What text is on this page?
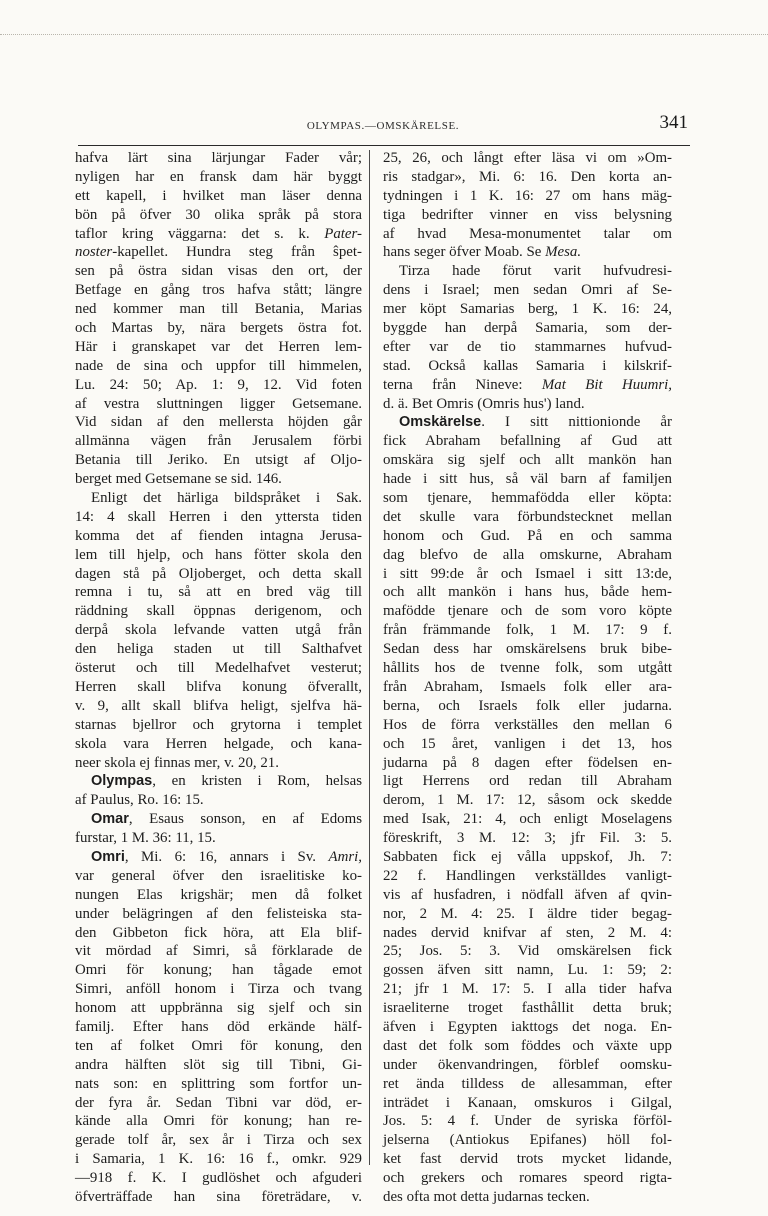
OLYMPAS.—OMSKÄRELSE.	341
hafva lärt sina lärjungar Fader vår;
nyligen har en fransk dam här byggt
ett kapell, i hvilket man läser denna
bön på öfver 30 olika språk på stora
taflor kring väggarna: det s. k. Pater-
noster-kapellet. Hundra steg från ŝpet-
sen på östra sidan visas den ort, der
Betfage en gång tros hafva stått; längre
ned kommer man till Betania, Marias
och Martas by, nära bergets östra fot.
Här i granskapet var det Herren lem-
nade de sina och uppfor till himmelen,
Lu. 24: 50; Ap. 1: 9, 12. Vid foten
af vestra sluttningen ligger Getsemane.
Vid sidan af den mellersta höjden går
allmänna vägen från Jerusalem förbi
Betania till Jeriko. En utsigt af Oljo-
berget med Getsemane se sid. 146.
Enligt det härliga bildspråket i Sak.
14: 4 skall Herren i den yttersta tiden
komma det af fienden intagna Jerusa-
lem till hjelp, och hans fötter skola den
dagen stå på Oljoberget, och detta skall
remna i tu, så att en bred väg till
räddning skall öppnas derigenom, och
derpå skola lefvande vatten utgå från
den heliga staden ut till Salthafvet
österut och till Medelhafvet vesterut;
Herren skall blifva konung öfverallt,
v. 9, allt skall blifva heligt, sjelfva hä-
starnas bjellror och grytorna i templet
skola vara Herren helgade, och kana-
neer skola ej finnas mer, v. 20, 21.
Olympas, en kristen i Rom, helsas
af Paulus, Ro. 16: 15.
Omar, Esaus sonson, en af Edoms
furstar, 1 M. 36: 11, 15.
Omri, Mi. 6: 16, annars i Sv. Amri,
var general öfver den israelitiske ko-
nungen Elas krigshär; men då folket
under belägringen af den felisteiska sta-
den Gibbeton fick höra, att Ela blif-
vit mördad af Simri, så förklarade de
Omri för konung; han tågade emot
Simri, anföll honom i Tirza och tvang
honom att uppbränna sig sjelf och sin
familj. Efter hans död erkände hälf-
ten af folket Omri för konung, den
andra hälften slöt sig till Tibni, Gi-
nats son: en splittring som fortfor un-
der fyra år. Sedan Tibni var död, er-
kände alla Omri för konung; han re-
gerade tolf år, sex år i Tirza och sex
i Samaria, 1 K. 16: 16 f., omkr. 929
—918 f. K. I gudlöshet och afguderi
öfverträffade han sina företrädare, v.
25, 26, och långt efter läsa vi om »Om-
ris stadgar», Mi. 6: 16. Den korta an-
tydningen i 1 K. 16: 27 om hans mäg-
tiga bedrifter vinner en viss belysning
af hvad Mesa-monumentet talar om
hans seger öfver Moab. Se Mesa.
Tirza hade förut varit hufvudresi-
dens i Israel; men sedan Omri af Se-
mer köpt Samarias berg, 1 K. 16: 24,
byggde han derpå Samaria, som der-
efter var de tio stammarnes hufvud-
stad. Också kallas Samaria i kilskrif-
terna från Nineve: Mat Bit Huumri,
d. ä. Bet Omris (Omris hus') land.
Omskärelse. I sitt nittionionde år
fick Abraham befallning af Gud att
omskära sig sjelf och allt mankön han
hade i sitt hus, så väl barn af familjen
som tjenare, hemmafödda eller köpta:
det skulle vara förbundstecknet mellan
honom och Gud. På en och samma
dag blefvo de alla omskurne, Abraham
i sitt 99:de år och Ismael i sitt 13:de,
och allt mankön i hans hus, både hem-
mafödde tjenare och de som voro köpte
från främmande folk, 1 M. 17: 9 f.
Sedan dess har omskärelsens bruk bibe-
hållits hos de tvenne folk, som utgått
från Abraham, Ismaels folk eller ara-
berna, och Israels folk eller judarna.
Hos de förra verkställes den mellan 6
och 15 året, vanligen i det 13, hos
judarna på 8 dagen efter födelsen en-
ligt Herrens ord redan till Abraham
derom, 1 M. 17: 12, såsom ock skedde
med Isak, 21: 4, och enligt Moselagens
föreskrift, 3 M. 12: 3; jfr Fil. 3: 5.
Sabbaten fick ej vålla uppskof, Jh. 7:
22 f. Handlingen verkställdes vanligt-
vis af husfadren, i nödfall äfven af qvin-
nor, 2 M. 4: 25. I äldre tider begag-
nades dervid knifvar af sten, 2 M. 4:
25; Jos. 5: 3. Vid omskärelsen fick
gossen äfven sitt namn, Lu. 1: 59; 2:
21; jfr 1 M. 17: 5. I alla tider hafva
israeliterne troget fasthållit detta bruk;
äfven i Egypten iakttogs det noga. En-
dast det folk som föddes och växte upp
under ökenvandringen, förblef oomsku-
ret ända tilldess de allesamman, efter
inträdet i Kanaan, omskuros i Gilgal,
Jos. 5: 4 f. Under de syriska förföl-
jelserna (Antiokus Epifanes) höll fol-
ket fast dervid trots mycket lidande,
och grekers och romares speord rigta-
des ofta mot detta judarnas tecken.
